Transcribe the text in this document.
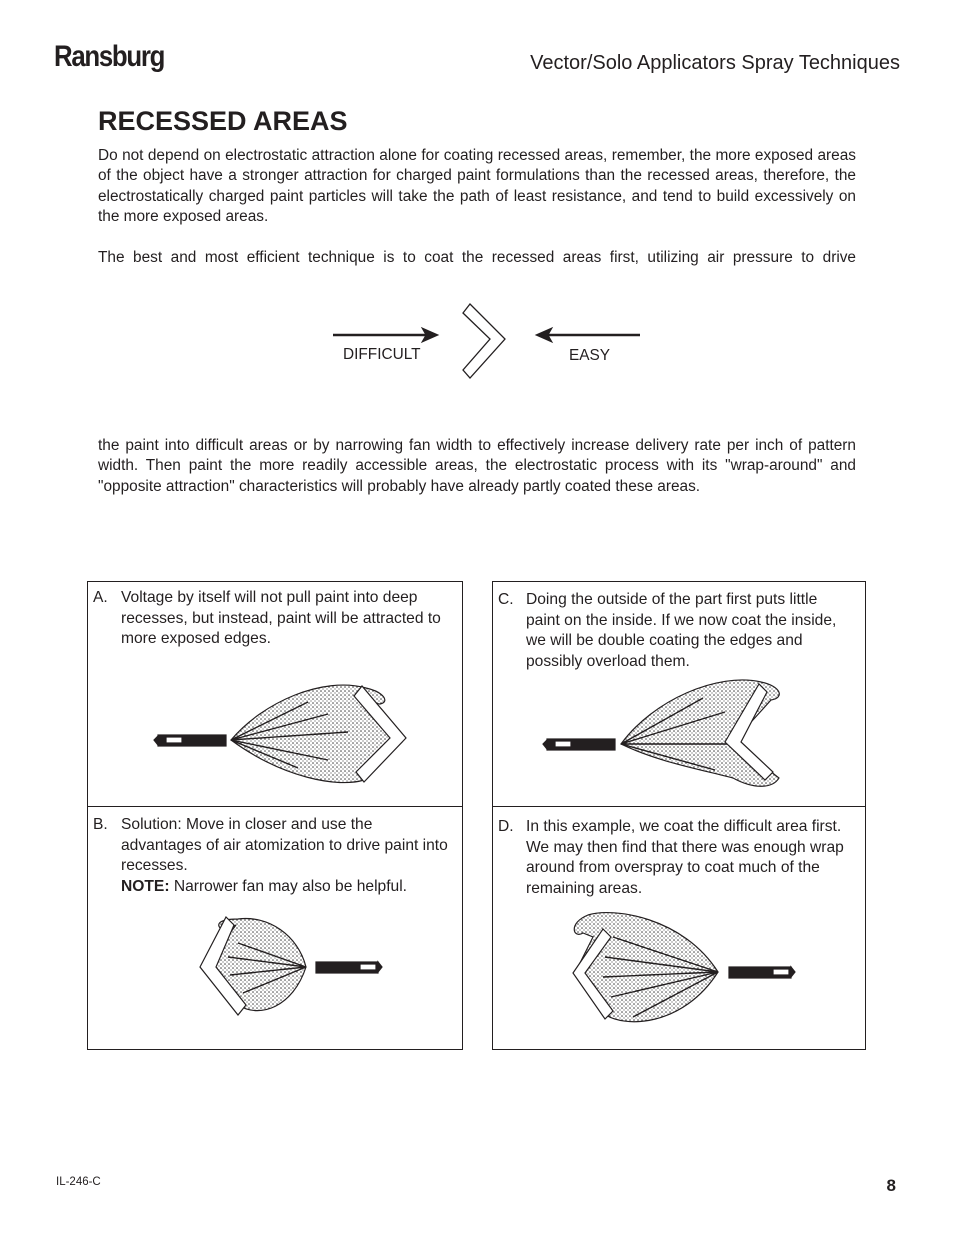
Ransburg	Vector/Solo Applicators Spray Techniques
RECESSED AREAS
Do not depend on electrostatic attraction alone for coating recessed areas, remember, the more exposed areas of the object have a stronger attraction for charged paint formulations than the recessed areas, therefore, the electrostatically charged paint particles will take the path of least resistance, and tend to build excessively on the more exposed areas.
The best and most efficient technique is to coat the recessed areas first, utilizing air pressure to drive
DIFFICULT	EASY
the paint into difficult areas or by narrowing fan width to effectively increase delivery rate per inch of pattern width. Then paint the more readily accessible areas, the electrostatic process with its "wrap-around" and "opposite attraction" characteristics will probably have already partly coated these areas.
A. Voltage by itself will not pull paint into deep recesses, but instead, paint will be attracted to more exposed edges.
B. Solution: Move in closer and use the advantages of air atomization to drive paint into recesses.
NOTE: Narrower fan may also be helpful.
C. Doing the outside of the part first puts little paint on the inside. If we now coat the inside, we will be double coating the edges and possibly overload them.
D. In this example, we coat the difficult area first. We may then find that there was enough wrap around from overspray to coat much of the remaining areas.
IL-246-C	8
